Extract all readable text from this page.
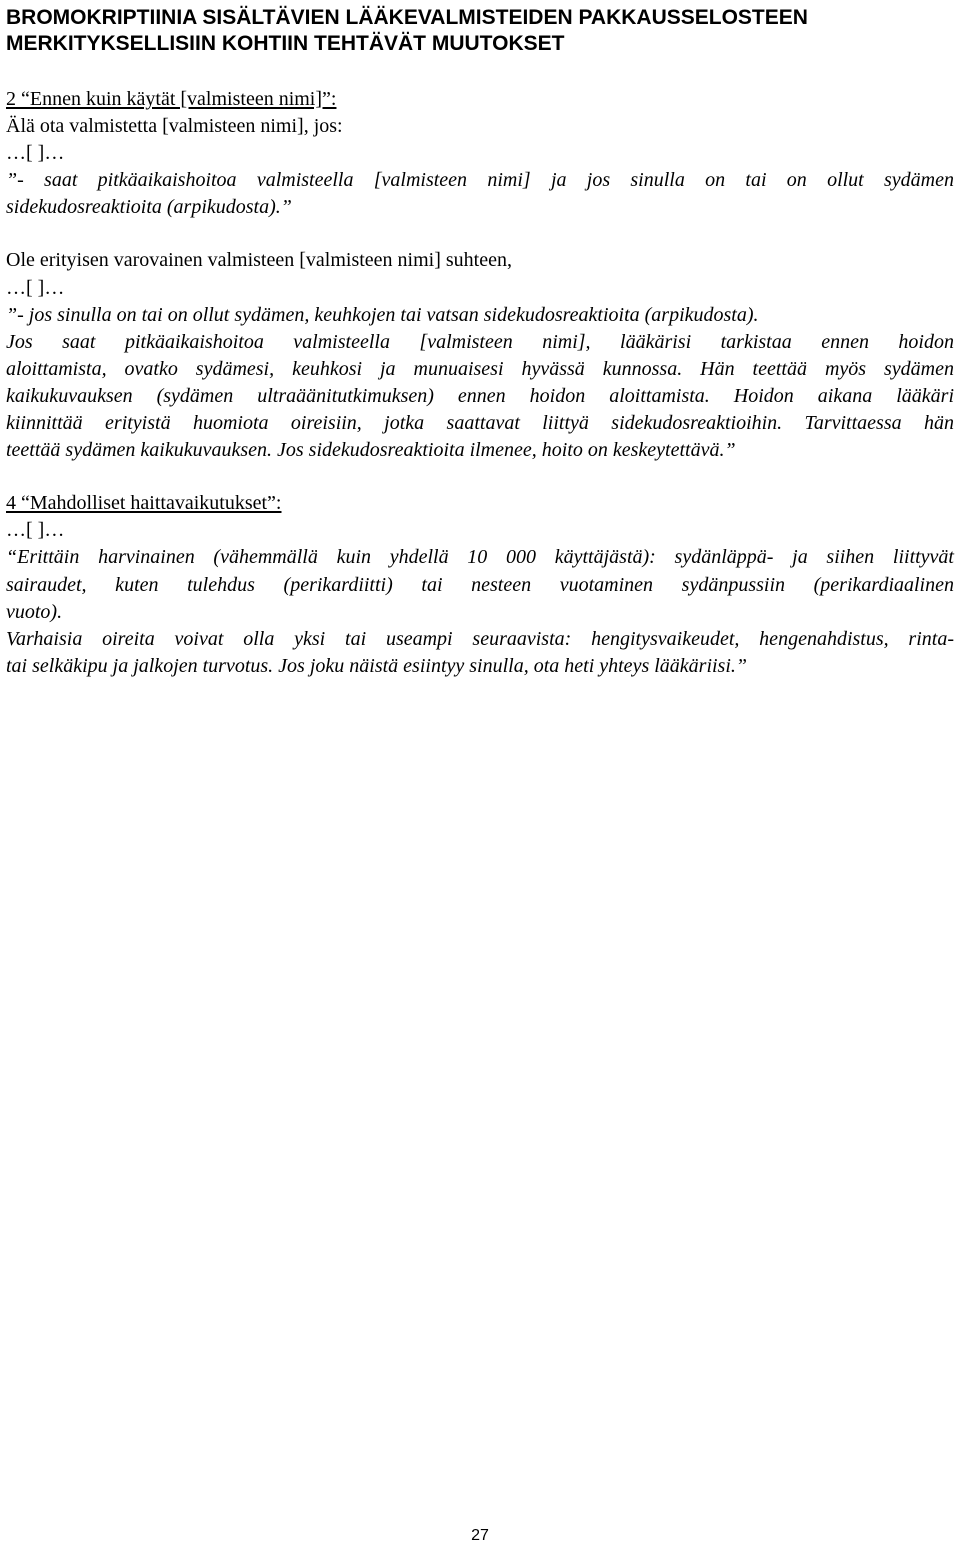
BROMOKRIPTIINIA SISÄLTÄVIEN LÄÄKEVALMISTEIDEN PAKKAUSSELOSTEEN
MERKITYKSELLISIIN KOHTIIN TEHTÄVÄT MUUTOKSET
2 “Ennen kuin käytät [valmisteen nimi]”:
Älä ota valmistetta [valmisteen nimi], jos:
…[ ]…
”- saat pitkäaikaishoitoa valmisteella [valmisteen nimi] ja jos sinulla on tai on ollut sydämen
sidekudosreaktioita (arpikudosta).”
Ole erityisen varovainen valmisteen [valmisteen nimi] suhteen,
…[ ]…
”- jos sinulla on tai on ollut sydämen, keuhkojen tai vatsan sidekudosreaktioita (arpikudosta).
Jos saat pitkäaikaishoitoa valmisteella [valmisteen nimi], lääkärisi tarkistaa ennen hoidon
aloittamista, ovatko sydämesi, keuhkosi ja munuaisesi hyvässä kunnossa. Hän teettää myös sydämen
kaikukuvauksen (sydämen ultraäänitutkimuksen) ennen hoidon aloittamista. Hoidon aikana lääkäri
kiinnittää erityistä huomiota oireisiin, jotka saattavat liittyä sidekudosreaktioihin. Tarvittaessa hän
teettää sydämen kaikukuvauksen. Jos sidekudosreaktioita ilmenee, hoito on keskeytettävä.”
4 “Mahdolliset haittavaikutukset”:
…[ ]…
“Erittäin harvinainen (vähemmällä kuin yhdellä 10 000 käyttäjästä): sydänläppä- ja siihen liittyvät
sairaudet, kuten tulehdus (perikardiitti) tai nesteen vuotaminen sydänpussiin (perikardiaalinen
vuoto).
Varhaisia oireita voivat olla yksi tai useampi seuraavista: hengitysvaikeudet, hengenahdistus, rinta-
tai selkäkipu ja jalkojen turvotus. Jos joku näistä esiintyy sinulla, ota heti yhteys lääkäriisi.”
27
